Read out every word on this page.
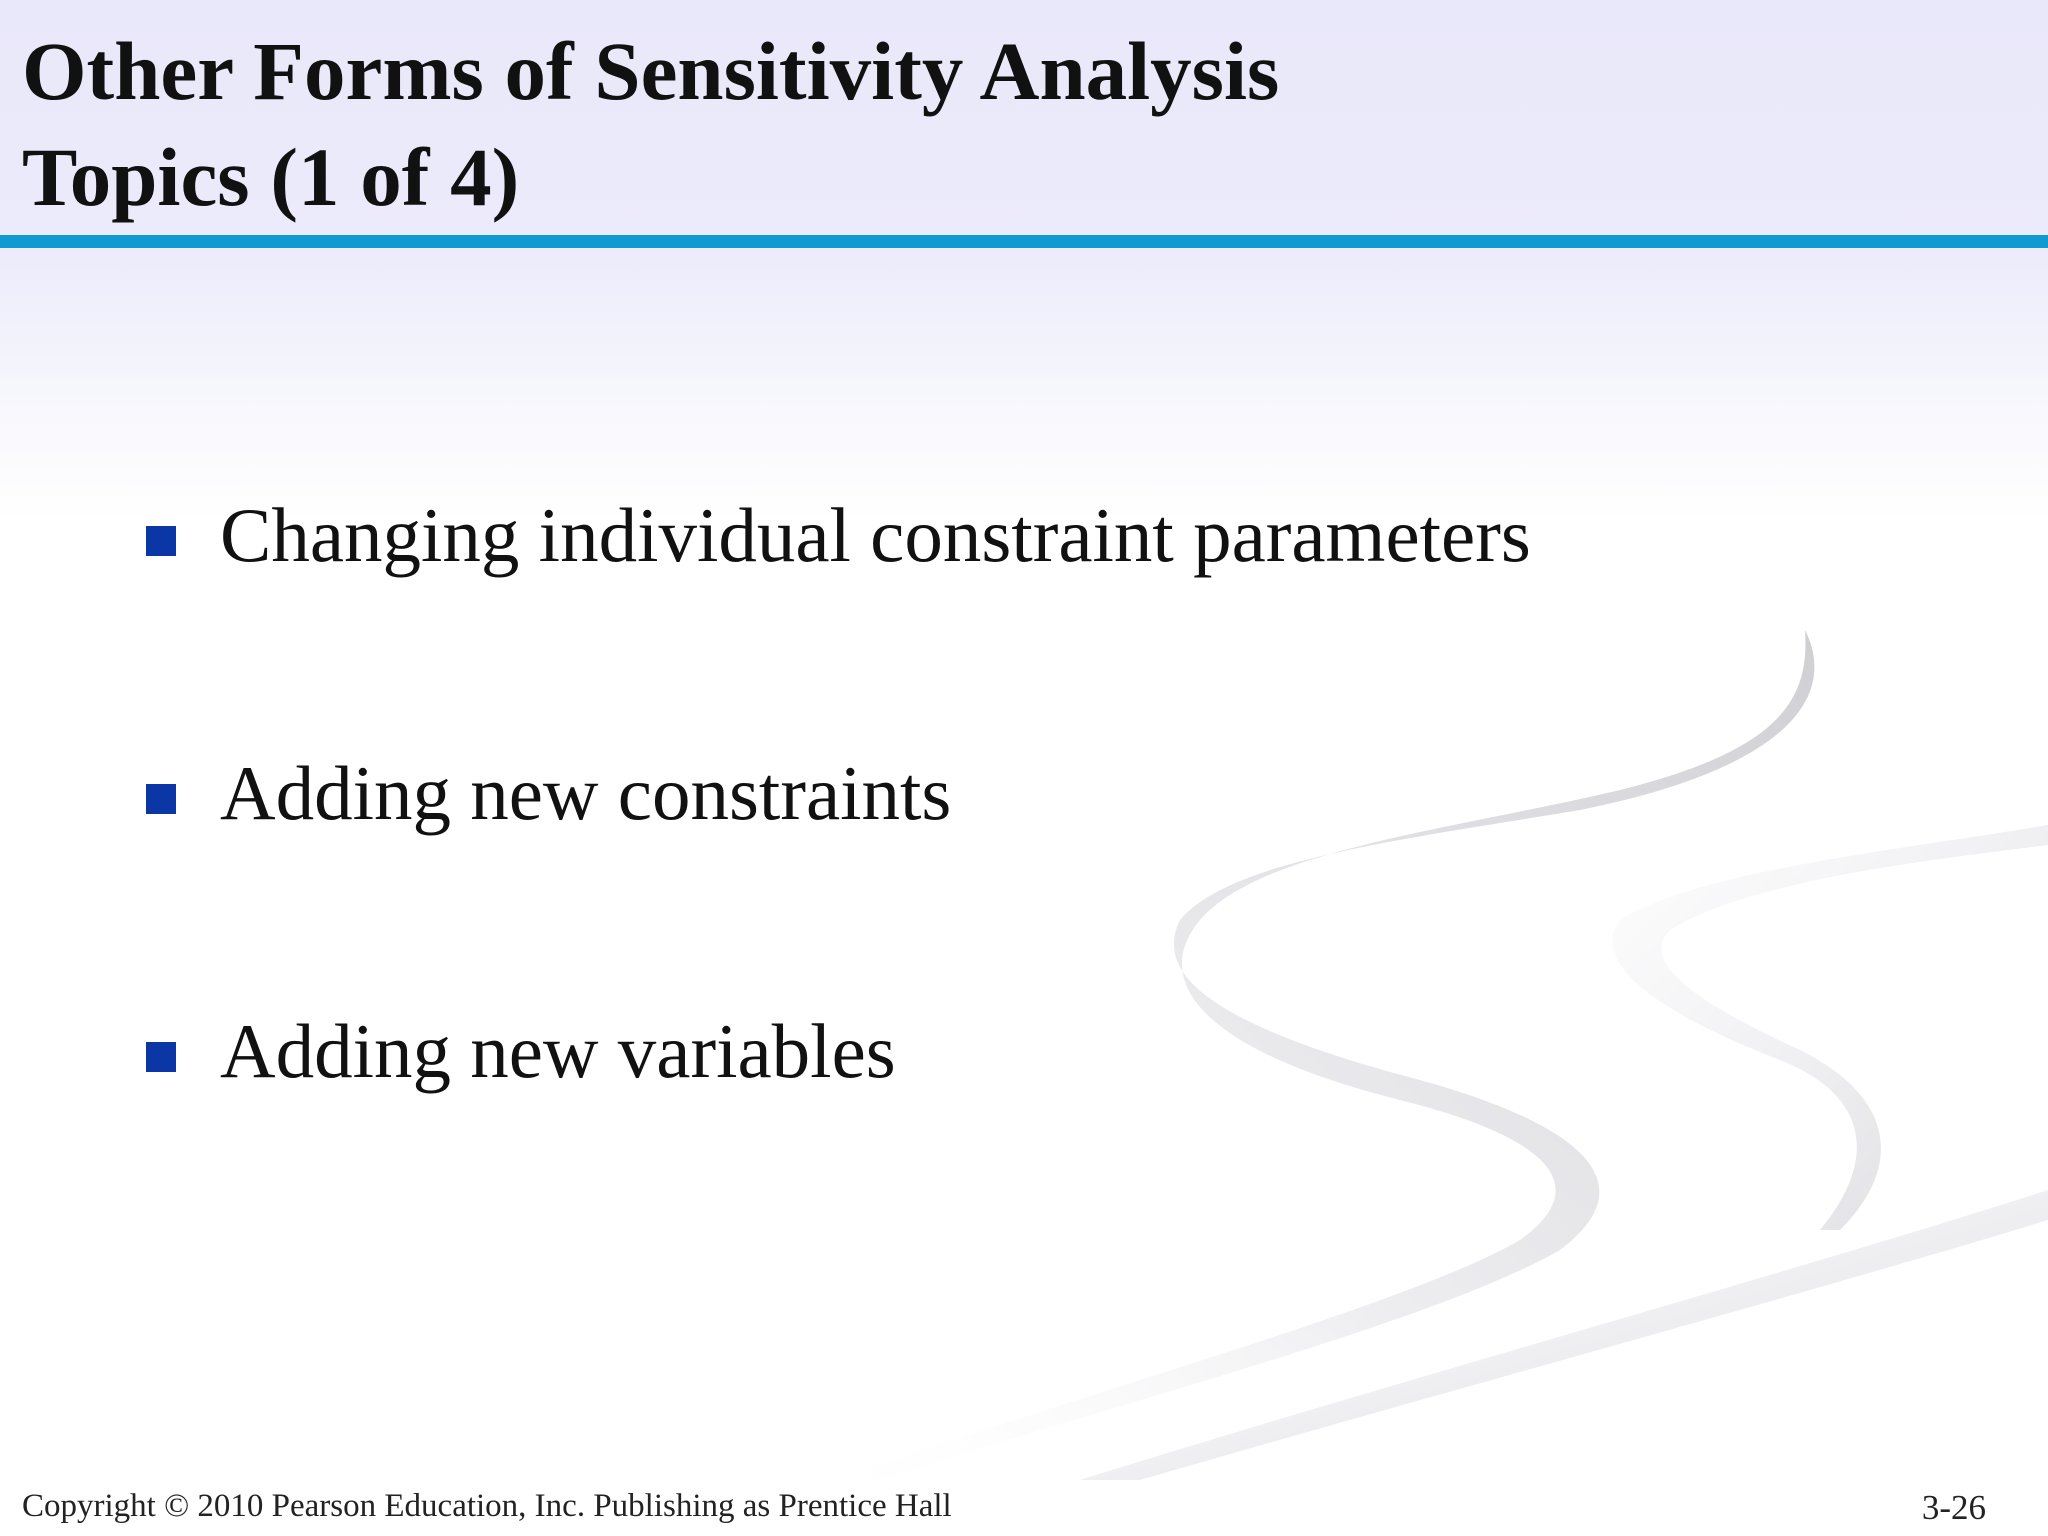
Other Forms of Sensitivity Analysis
Topics (1 of 4)
Changing individual constraint parameters
Adding new constraints
Adding new variables
Copyright © 2010 Pearson Education, Inc. Publishing as Prentice Hall	3-26
